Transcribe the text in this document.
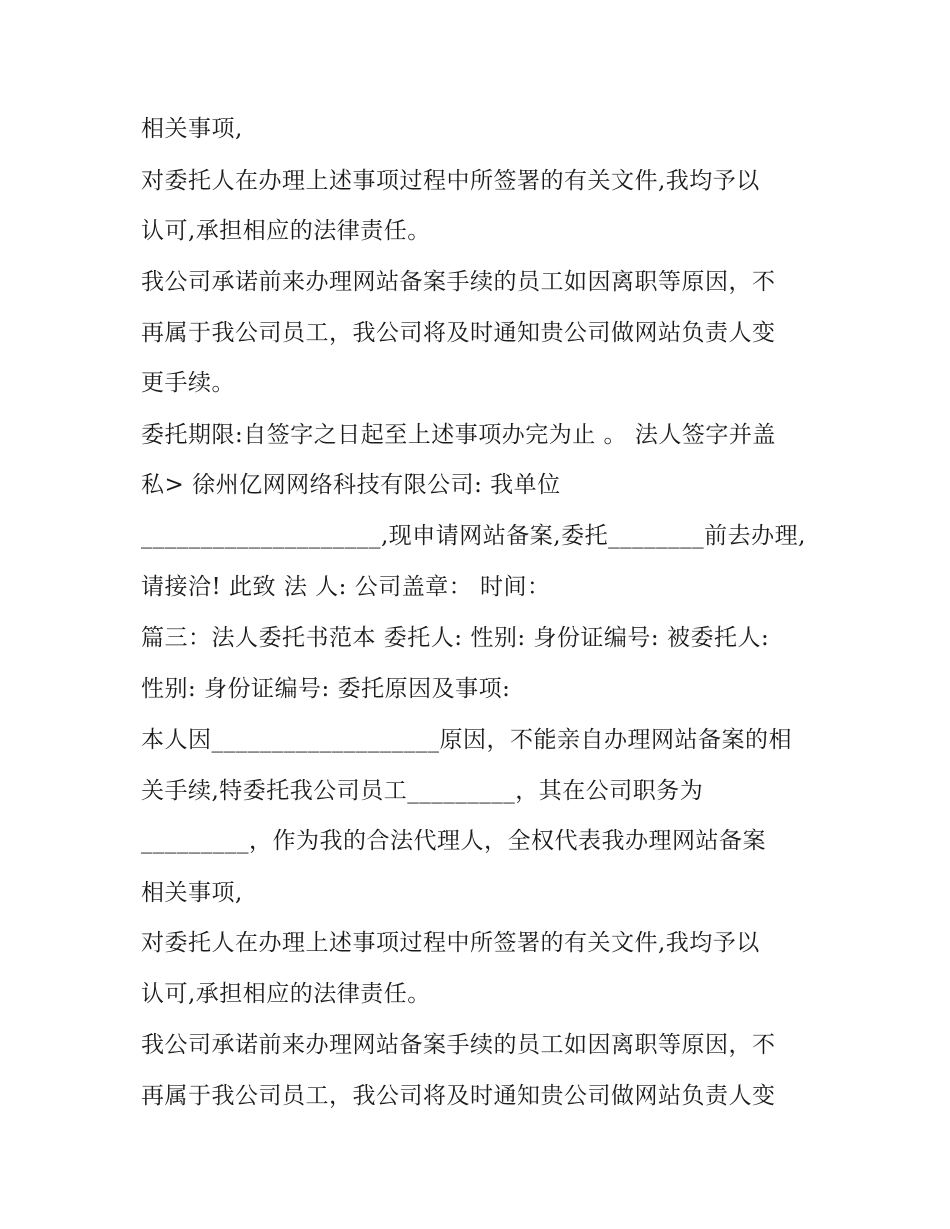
相关事项,

对委托人在办理上述事项过程中所签署的有关文件,我均予以

认可,承担相应的法律责任。

我公司承诺前来办理网站备案手续的员工如因离职等原因，不

再属于我公司员工，我公司将及时通知贵公司做网站负责人变

更手续。

委托期限:自签字之日起至上述事项办完为止 。 法人签字并盖

私> 徐州亿网网络科技有限公司: 我单位

____________________,现申请网站备案,委托________前去办理,

请接洽! 此致 法 人: 公司盖章： 时间：

篇三：法人委托书范本 委托人: 性别: 身份证编号: 被委托人:

性别: 身份证编号: 委托原因及事项:

本人因___________________原因，不能亲自办理网站备案的相

关手续,特委托我公司员工_________，其在公司职务为

_________，作为我的合法代理人，全权代表我办理网站备案

相关事项,

对委托人在办理上述事项过程中所签署的有关文件,我均予以

认可,承担相应的法律责任。

我公司承诺前来办理网站备案手续的员工如因离职等原因，不

再属于我公司员工，我公司将及时通知贵公司做网站负责人变
